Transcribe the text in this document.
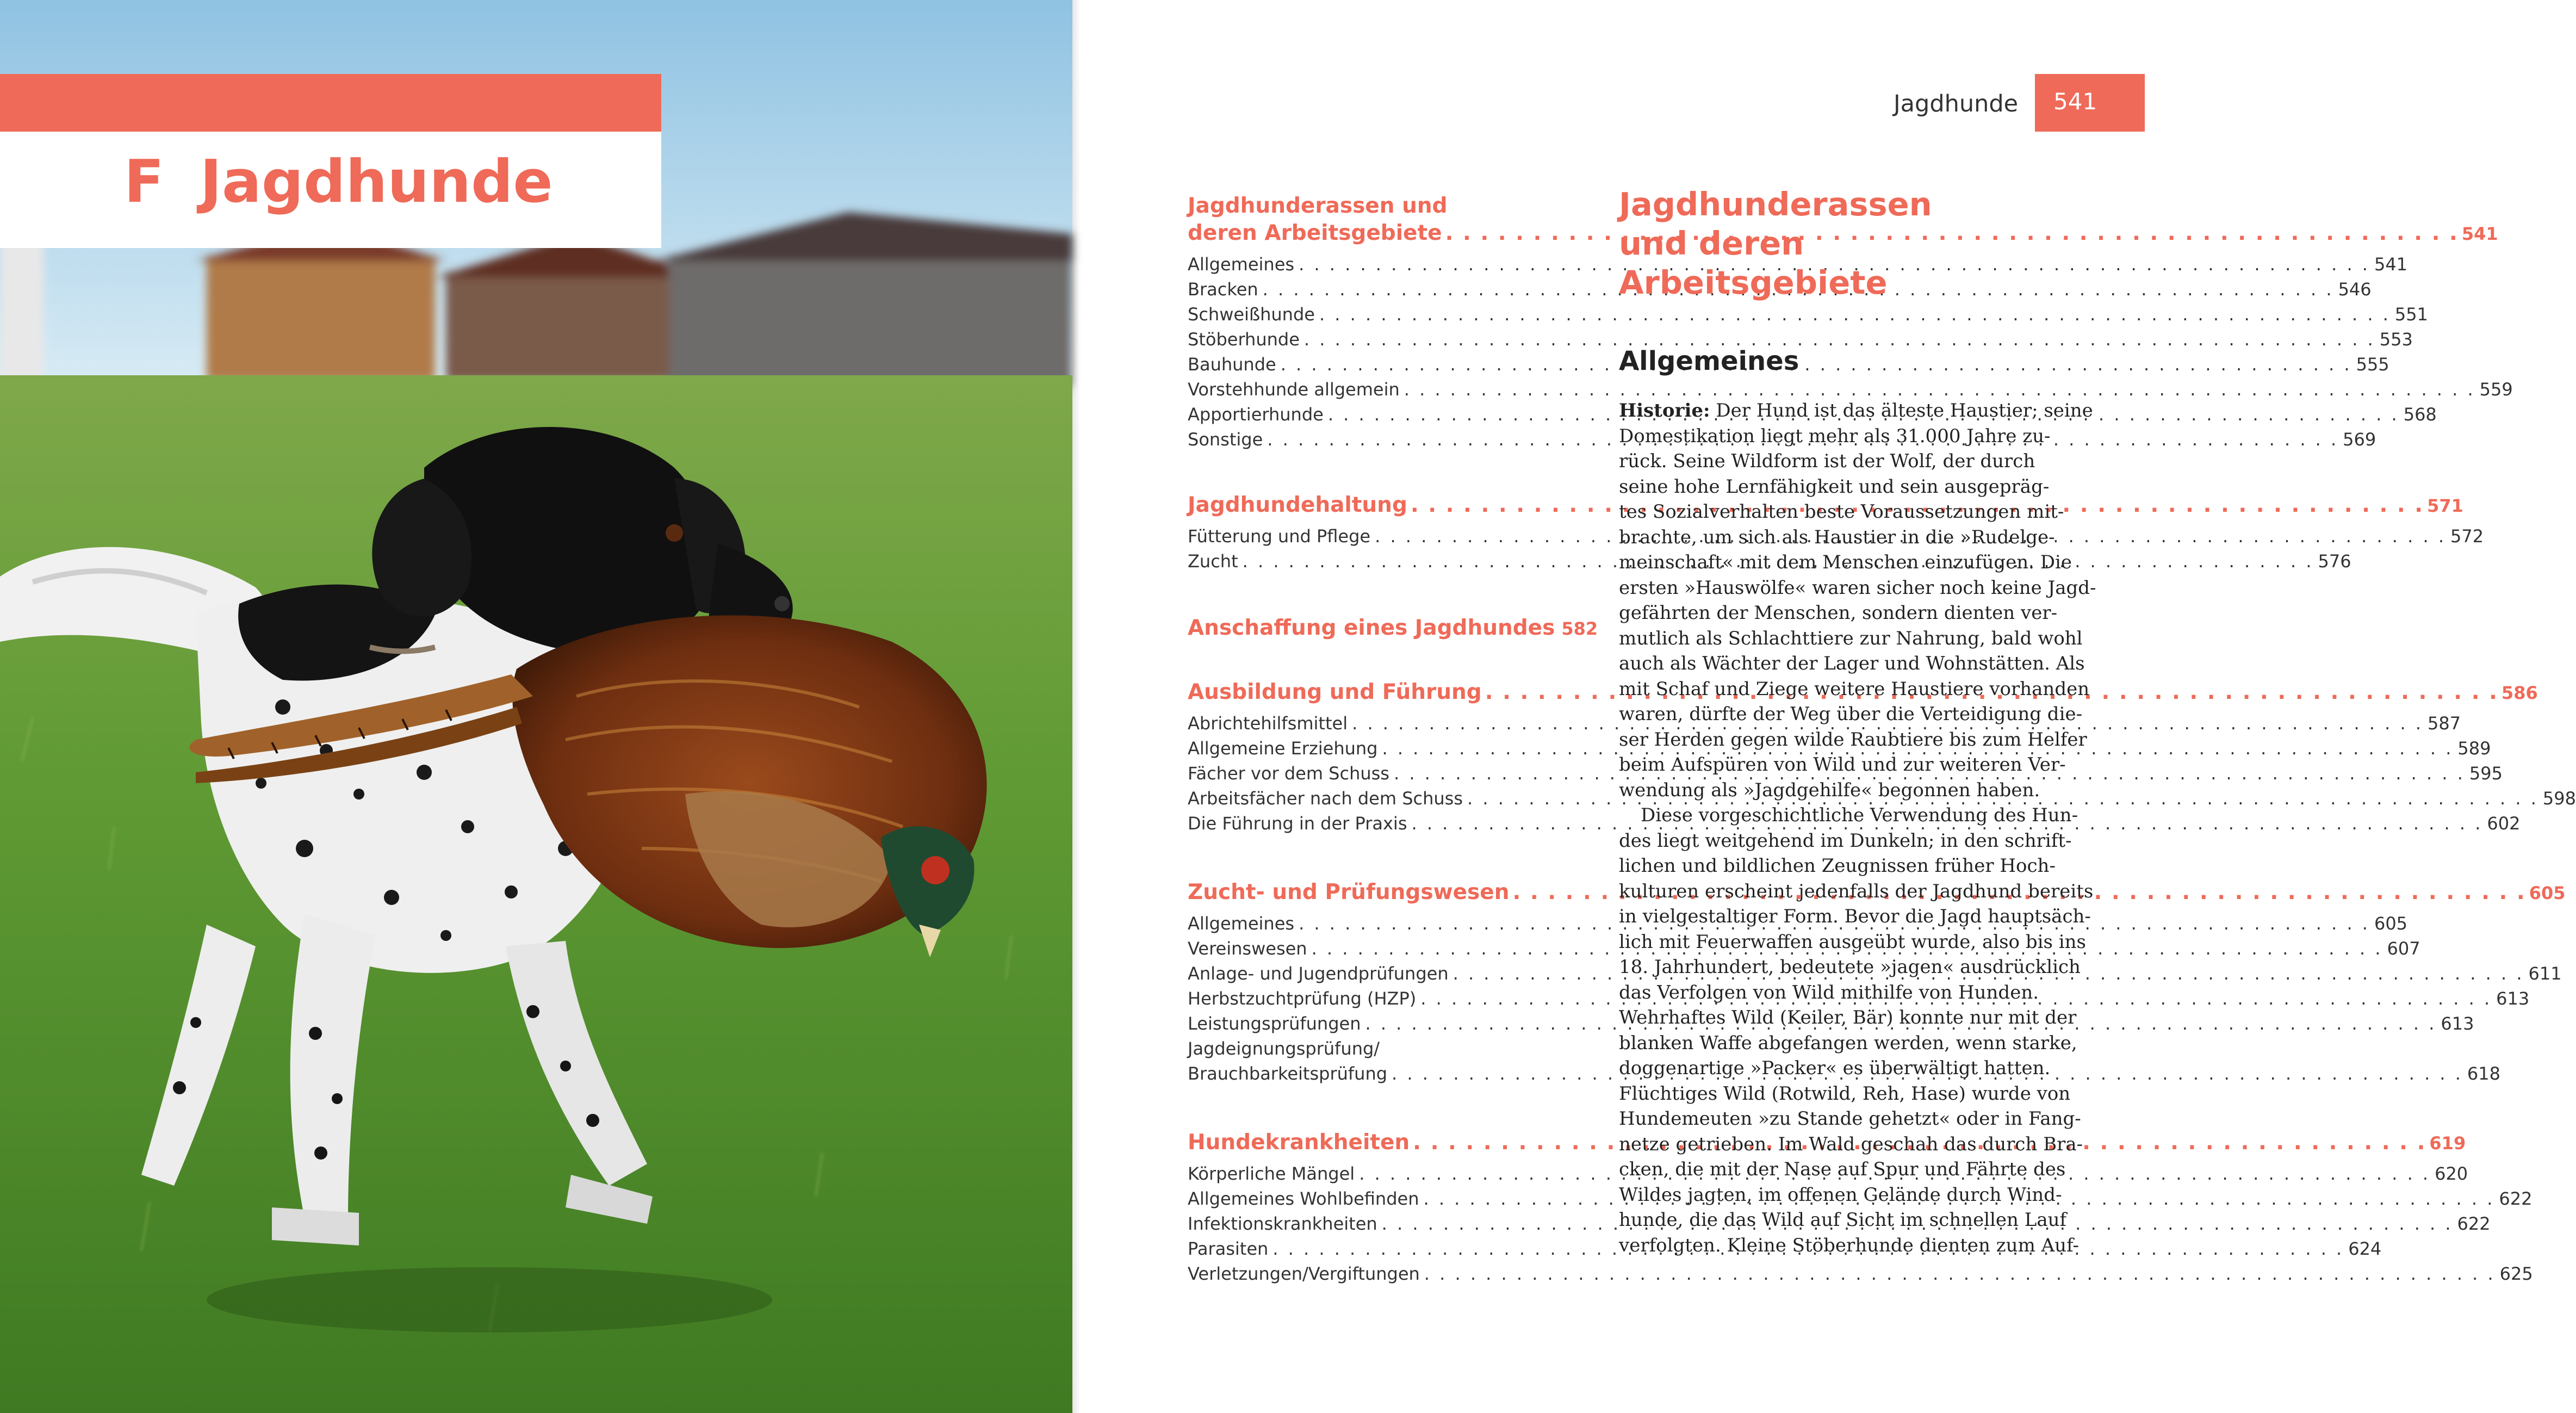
F Jagdhunde
Jagdhunde 541
Jagdhunderassen und
deren Arbeitsgebiete . . .	541
Allgemeines . . .	541
Bracken . . .	546
Schweißhunde . . .	551
Stöberhunde . . .	553
Bauhunde . . .	555
Vorstehhunde allgemein . . .	559
Apportierhunde . . .	568
Sonstige . . .	569
Jagdhundehaltung . . .	571
Fütterung und Pflege . . .	572
Zucht . . .	576
Anschaffung eines Jagdhundes 582
Ausbildung und Führung . . .	586
Abrichtehilfsmittel . . .	587
Allgemeine Erziehung . . .	589
Fächer vor dem Schuss . . .	595
Arbeitsfächer nach dem Schuss . . .	598
Die Führung in der Praxis . . .	602
Zucht- und Prüfungswesen . . .	605
Allgemeines . . .	605
Vereinswesen . . .	607
Anlage- und Jugendprüfungen . . .	611
Herbstzuchtprüfung (HZP) . . .	613
Leistungsprüfungen . . .	613
Jagdeignungsprüfung/
Brauchbarkeitsprüfung . . .	618
Hundekrankheiten . . .	619
Körperliche Mängel . . .	620
Allgemeines Wohlbefinden . . .	622
Infektionskrankheiten . . .	622
Parasiten . . .	624
Verletzungen/Vergiftungen . . .	625
Jagdhunderassen
und deren
Arbeitsgebiete
Allgemeines
Historie: Der Hund ist das älteste Haustier; seine
Domestikation liegt mehr als 31.000 Jahre zu-
rück. Seine Wildform ist der Wolf, der durch
seine hohe Lernfähigkeit und sein ausgepräg-
tes Sozialverhalten beste Voraussetzungen mit-
brachte, um sich als Haustier in die »Rudelge-
meinschaft« mit dem Menschen einzufügen. Die
ersten »Hauswölfe« waren sicher noch keine Jagd-
gefährten der Menschen, sondern dienten ver-
mutlich als Schlachttiere zur Nahrung, bald wohl
auch als Wächter der Lager und Wohnstätten. Als
mit Schaf und Ziege weitere Haustiere vorhanden
waren, dürfte der Weg über die Verteidigung die-
ser Herden gegen wilde Raubtiere bis zum Helfer
beim Aufspüren von Wild und zur weiteren Ver-
wendung als »Jagdgehilfe« begonnen haben.
Diese vorgeschichtliche Verwendung des Hun-
des liegt weitgehend im Dunkeln; in den schrift-
lichen und bildlichen Zeugnissen früher Hoch-
kulturen erscheint jedenfalls der Jagdhund bereits
in vielgestaltiger Form. Bevor die Jagd hauptsäch-
lich mit Feuerwaffen ausgeübt wurde, also bis ins
18. Jahrhundert, bedeutete »jagen« ausdrücklich
das Verfolgen von Wild mithilfe von Hunden.
Wehrhaftes Wild (Keiler, Bär) konnte nur mit der
blanken Waffe abgefangen werden, wenn starke,
doggenartige »Packer« es überwältigt hatten.
Flüchtiges Wild (Rotwild, Reh, Hase) wurde von
Hundemeuten »zu Stande gehetzt« oder in Fang-
netze getrieben. Im Wald geschah das durch Bra-
cken, die mit der Nase auf Spur und Fährte des
Wildes jagten, im offenen Gelände durch Wind-
hunde, die das Wild auf Sicht im schnellen Lauf
verfolgten. Kleine Stöberhunde dienten zum Auf-
